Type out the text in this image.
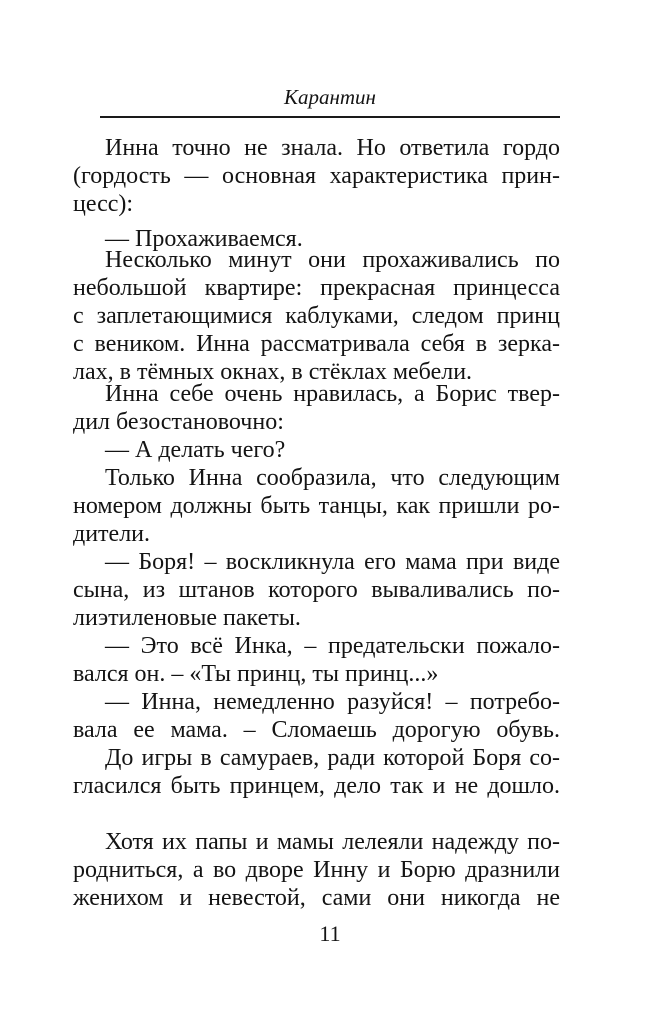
Карантин
Инна точно не знала. Но ответила гордо
(гордость — основная характеристика прин-
цесс):
— Прохаживаемся.
Несколько минут они прохаживались по
небольшой квартире: прекрасная принцесса
с заплетающимися каблуками, следом принц
с веником. Инна рассматривала себя в зерка-
лах, в тёмных окнах, в стёклах мебели.
Инна себе очень нравилась, а Борис твер-
дил безостановочно:
— А делать чего?
Только Инна сообразила, что следующим
номером должны быть танцы, как пришли ро-
дители.
— Боря! – воскликнула его мама при виде
сына, из штанов которого вываливались по-
лиэтиленовые пакеты.
— Это всё Инка, – предательски пожало-
вался он. – «Ты принц, ты принц...»
— Инна, немедленно разуйся! – потребо-
вала ее мама. – Сломаешь дорогую обувь.
До игры в самураев, ради которой Боря со-
гласился быть принцем, дело так и не дошло.
Хотя их папы и мамы лелеяли надежду по-
родниться, а во дворе Инну и Борю дразнили
женихом и невестой, сами они никогда не
11
